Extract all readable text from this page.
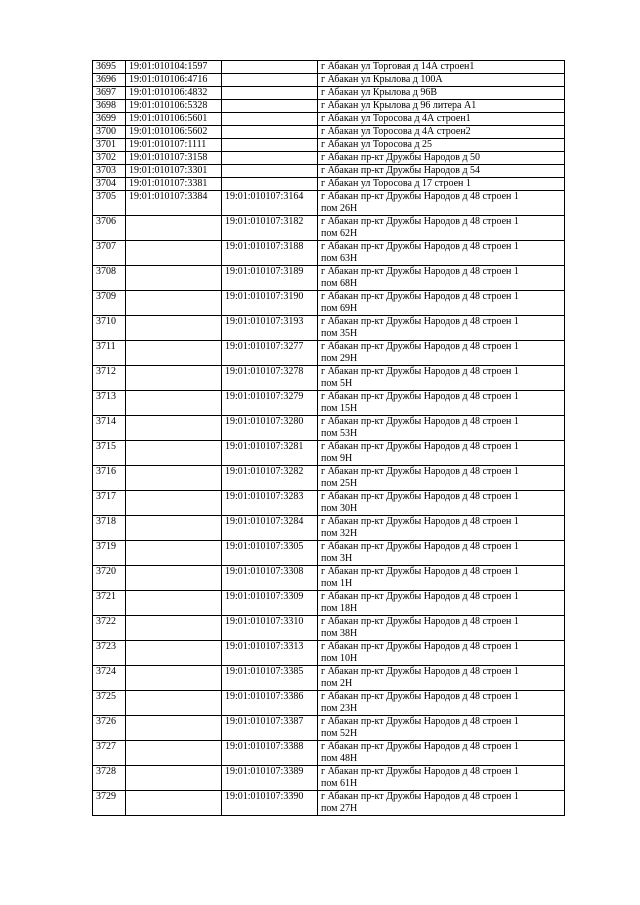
3695	19:01:010104:1597		г Абакан ул Торговая д 14А строен1

3696	19:01:010106:4716		г Абакан ул Крылова д 100А

3697	19:01:010106:4832		г Абакан ул Крылова д 96В

3698	19:01:010106:5328		г Абакан ул Крылова д 96 литера А1

3699	19:01:010106:5601		г Абакан ул Торосова д 4А строен1

3700	19:01:010106:5602		г Абакан ул Торосова д 4А строен2

3701	19:01:010107:1111		г Абакан ул Торосова д 25

3702	19:01:010107:3158		г Абакан пр-кт Дружбы Народов д 50

3703	19:01:010107:3301		г Абакан пр-кт Дружбы Народов д 54

3704	19:01:010107:3381		г Абакан ул Торосова д 17 строен 1

3705	19:01:010107:3384	19:01:010107:3164	г Абакан пр-кт Дружбы Народов д 48 строен 1
пом 26Н

3706		19:01:010107:3182	г Абакан пр-кт Дружбы Народов д 48 строен 1
пом 62Н

3707		19:01:010107:3188	г Абакан пр-кт Дружбы Народов д 48 строен 1
пом 63Н

3708		19:01:010107:3189	г Абакан пр-кт Дружбы Народов д 48 строен 1
пом 68Н

3709		19:01:010107:3190	г Абакан пр-кт Дружбы Народов д 48 строен 1
пом 69Н

3710		19:01:010107:3193	г Абакан пр-кт Дружбы Народов д 48 строен 1
пом 35Н

3711		19:01:010107:3277	г Абакан пр-кт Дружбы Народов д 48 строен 1
пом 29Н

3712		19:01:010107:3278	г Абакан пр-кт Дружбы Народов д 48 строен 1
пом 5Н

3713		19:01:010107:3279	г Абакан пр-кт Дружбы Народов д 48 строен 1
пом 15Н

3714		19:01:010107:3280	г Абакан пр-кт Дружбы Народов д 48 строен 1
пом 53Н

3715		19:01:010107:3281	г Абакан пр-кт Дружбы Народов д 48 строен 1
пом 9Н

3716		19:01:010107:3282	г Абакан пр-кт Дружбы Народов д 48 строен 1
пом 25Н

3717		19:01:010107:3283	г Абакан пр-кт Дружбы Народов д 48 строен 1
пом 30Н

3718		19:01:010107:3284	г Абакан пр-кт Дружбы Народов д 48 строен 1
пом 32Н

3719		19:01:010107:3305	г Абакан пр-кт Дружбы Народов д 48 строен 1
пом 3Н

3720		19:01:010107:3308	г Абакан пр-кт Дружбы Народов д 48 строен 1
пом 1Н

3721		19:01:010107:3309	г Абакан пр-кт Дружбы Народов д 48 строен 1
пом 18Н

3722		19:01:010107:3310	г Абакан пр-кт Дружбы Народов д 48 строен 1
пом 38Н

3723		19:01:010107:3313	г Абакан пр-кт Дружбы Народов д 48 строен 1
пом 10Н

3724		19:01:010107:3385	г Абакан пр-кт Дружбы Народов д 48 строен 1
пом 2Н

3725		19:01:010107:3386	г Абакан пр-кт Дружбы Народов д 48 строен 1
пом 23Н

3726		19:01:010107:3387	г Абакан пр-кт Дружбы Народов д 48 строен 1
пом 52Н

3727		19:01:010107:3388	г Абакан пр-кт Дружбы Народов д 48 строен 1
пом 48Н

3728		19:01:010107:3389	г Абакан пр-кт Дружбы Народов д 48 строен 1
пом 61Н

3729		19:01:010107:3390	г Абакан пр-кт Дружбы Народов д 48 строен 1
пом 27Н
